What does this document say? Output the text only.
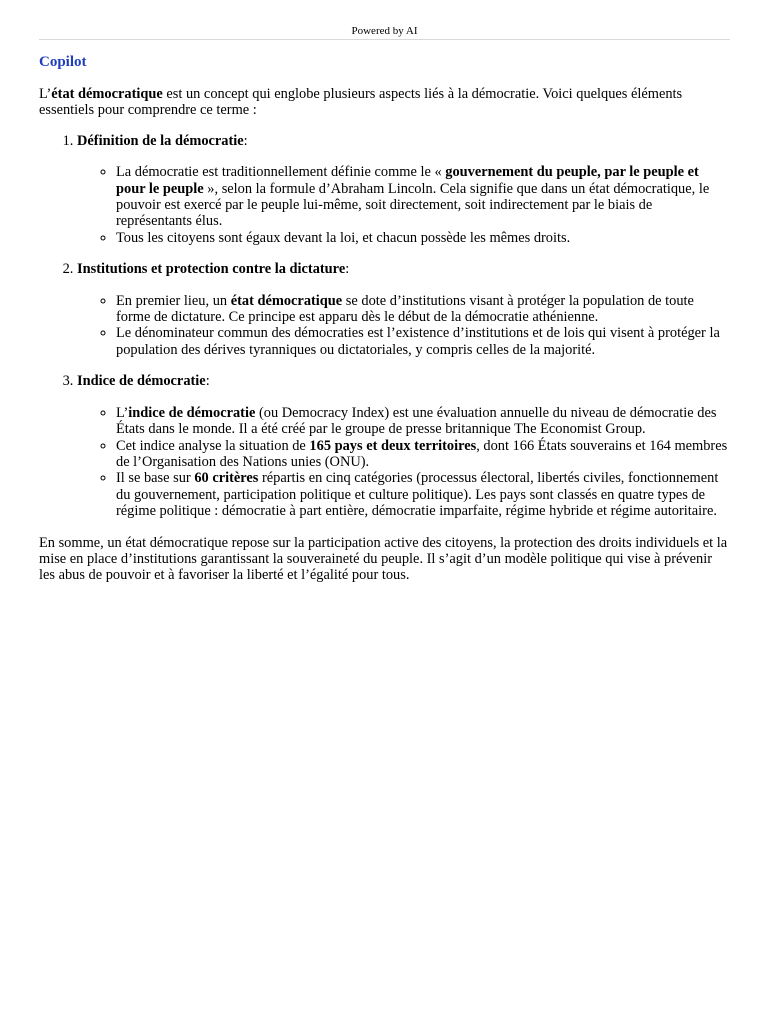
Powered by AI
Copilot

L’état démocratique est un concept qui englobe plusieurs aspects liés à la démocratie. Voici quelques éléments essentiels pour comprendre ce terme :

1. Définition de la démocratie:
◦ La démocratie est traditionnellement définie comme le « gouvernement du peuple, par le peuple et pour le peuple », selon la formule d’Abraham Lincoln. Cela signifie que dans un état démocratique, le pouvoir est exercé par le peuple lui-même, soit directement, soit indirectement par le biais de représentants élus.
◦ Tous les citoyens sont égaux devant la loi, et chacun possède les mêmes droits.
2. Institutions et protection contre la dictature:
◦ En premier lieu, un état démocratique se dote d’institutions visant à protéger la population de toute forme de dictature. Ce principe est apparu dès le début de la démocratie athénienne.
◦ Le dénominateur commun des démocraties est l’existence d’institutions et de lois qui visent à protéger la population des dérives tyranniques ou dictatoriales, y compris celles de la majorité.
3. Indice de démocratie:
◦ L’indice de démocratie (ou Democracy Index) est une évaluation annuelle du niveau de démocratie des États dans le monde. Il a été créé par le groupe de presse britannique The Economist Group.
◦ Cet indice analyse la situation de 165 pays et deux territoires, dont 166 États souverains et 164 membres de l’Organisation des Nations unies (ONU).
◦ Il se base sur 60 critères répartis en cinq catégories (processus électoral, libertés civiles, fonctionnement du gouvernement, participation politique et culture politique). Les pays sont classés en quatre types de régime politique : démocratie à part entière, démocratie imparfaite, régime hybride et régime autoritaire.

En somme, un état démocratique repose sur la participation active des citoyens, la protection des droits individuels et la mise en place d’institutions garantissant la souveraineté du peuple. Il s’agit d’un modèle politique qui vise à prévenir les abus de pouvoir et à favoriser la liberté et l’égalité pour tous.
